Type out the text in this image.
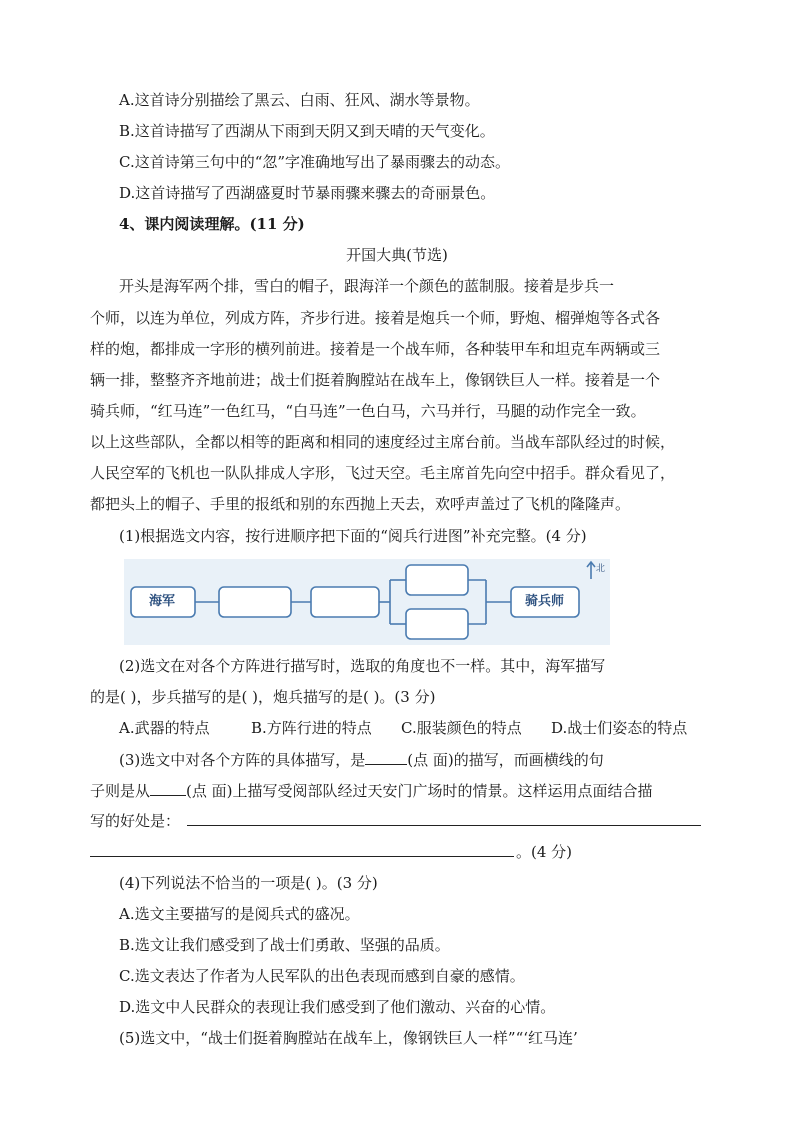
A.这首诗分别描绘了黑云、白雨、狂风、湖水等景物。
B.这首诗描写了西湖从下雨到天阴又到天晴的天气变化。
C.这首诗第三句中的“忽”字准确地写出了暴雨骤去的动态。
D.这首诗描写了西湖盛夏时节暴雨骤来骤去的奇丽景色。
4、课内阅读理解。(11 分)
开国大典(节选)
开头是海军两个排，雪白的帽子，跟海洋一个颜色的蓝制服。接着是步兵一
个师，以连为单位，列成方阵，齐步行进。接着是炮兵一个师，野炮、榴弹炮等各式各
样的炮，都排成一字形的横列前进。接着是一个战车师，各种装甲车和坦克车两辆或三
辆一排，整整齐齐地前进；战士们挺着胸膛站在战车上，像钢铁巨人一样。接着是一个
骑兵师，“红马连”一色红马，“白马连”一色白马，六马并行，马腿的动作完全一致。
以上这些部队，全都以相等的距离和相同的速度经过主席台前。当战车部队经过的时候，
人民空军的飞机也一队队排成人字形，飞过天空。毛主席首先向空中招手。群众看见了，
都把头上的帽子、手里的报纸和别的东西抛上天去，欢呼声盖过了飞机的隆隆声。
(1)根据选文内容，按行进顺序把下面的“阅兵行进图”补充完整。(4 分)
海军	骑兵师
北
(2)选文在对各个方阵进行描写时，选取的角度也不一样。其中，海军描写
的是( )，步兵描写的是( )，炮兵描写的是( )。(3 分)
A.武器的特点	B.方阵行进的特点 C.服装颜色的特点 D.战士们姿态的特点
(3)选文中对各个方阵的具体描写，是	(点 面)的描写，而画横线的句
子则是从 (点 面)上描写受阅部队经过天安门广场时的情景。这样运用点面结合描
写的好处是：
。(4 分)
(4)下列说法不恰当的一项是( )。(3 分)
A.选文主要描写的是阅兵式的盛况。
B.选文让我们感受到了战士们勇敢、坚强的品质。
C.选文表达了作者为人民军队的出色表现而感到自豪的感情。
D.选文中人民群众的表现让我们感受到了他们激动、兴奋的心情。
(5)选文中，“战士们挺着胸膛站在战车上，像钢铁巨人一样”“‘红马连’
